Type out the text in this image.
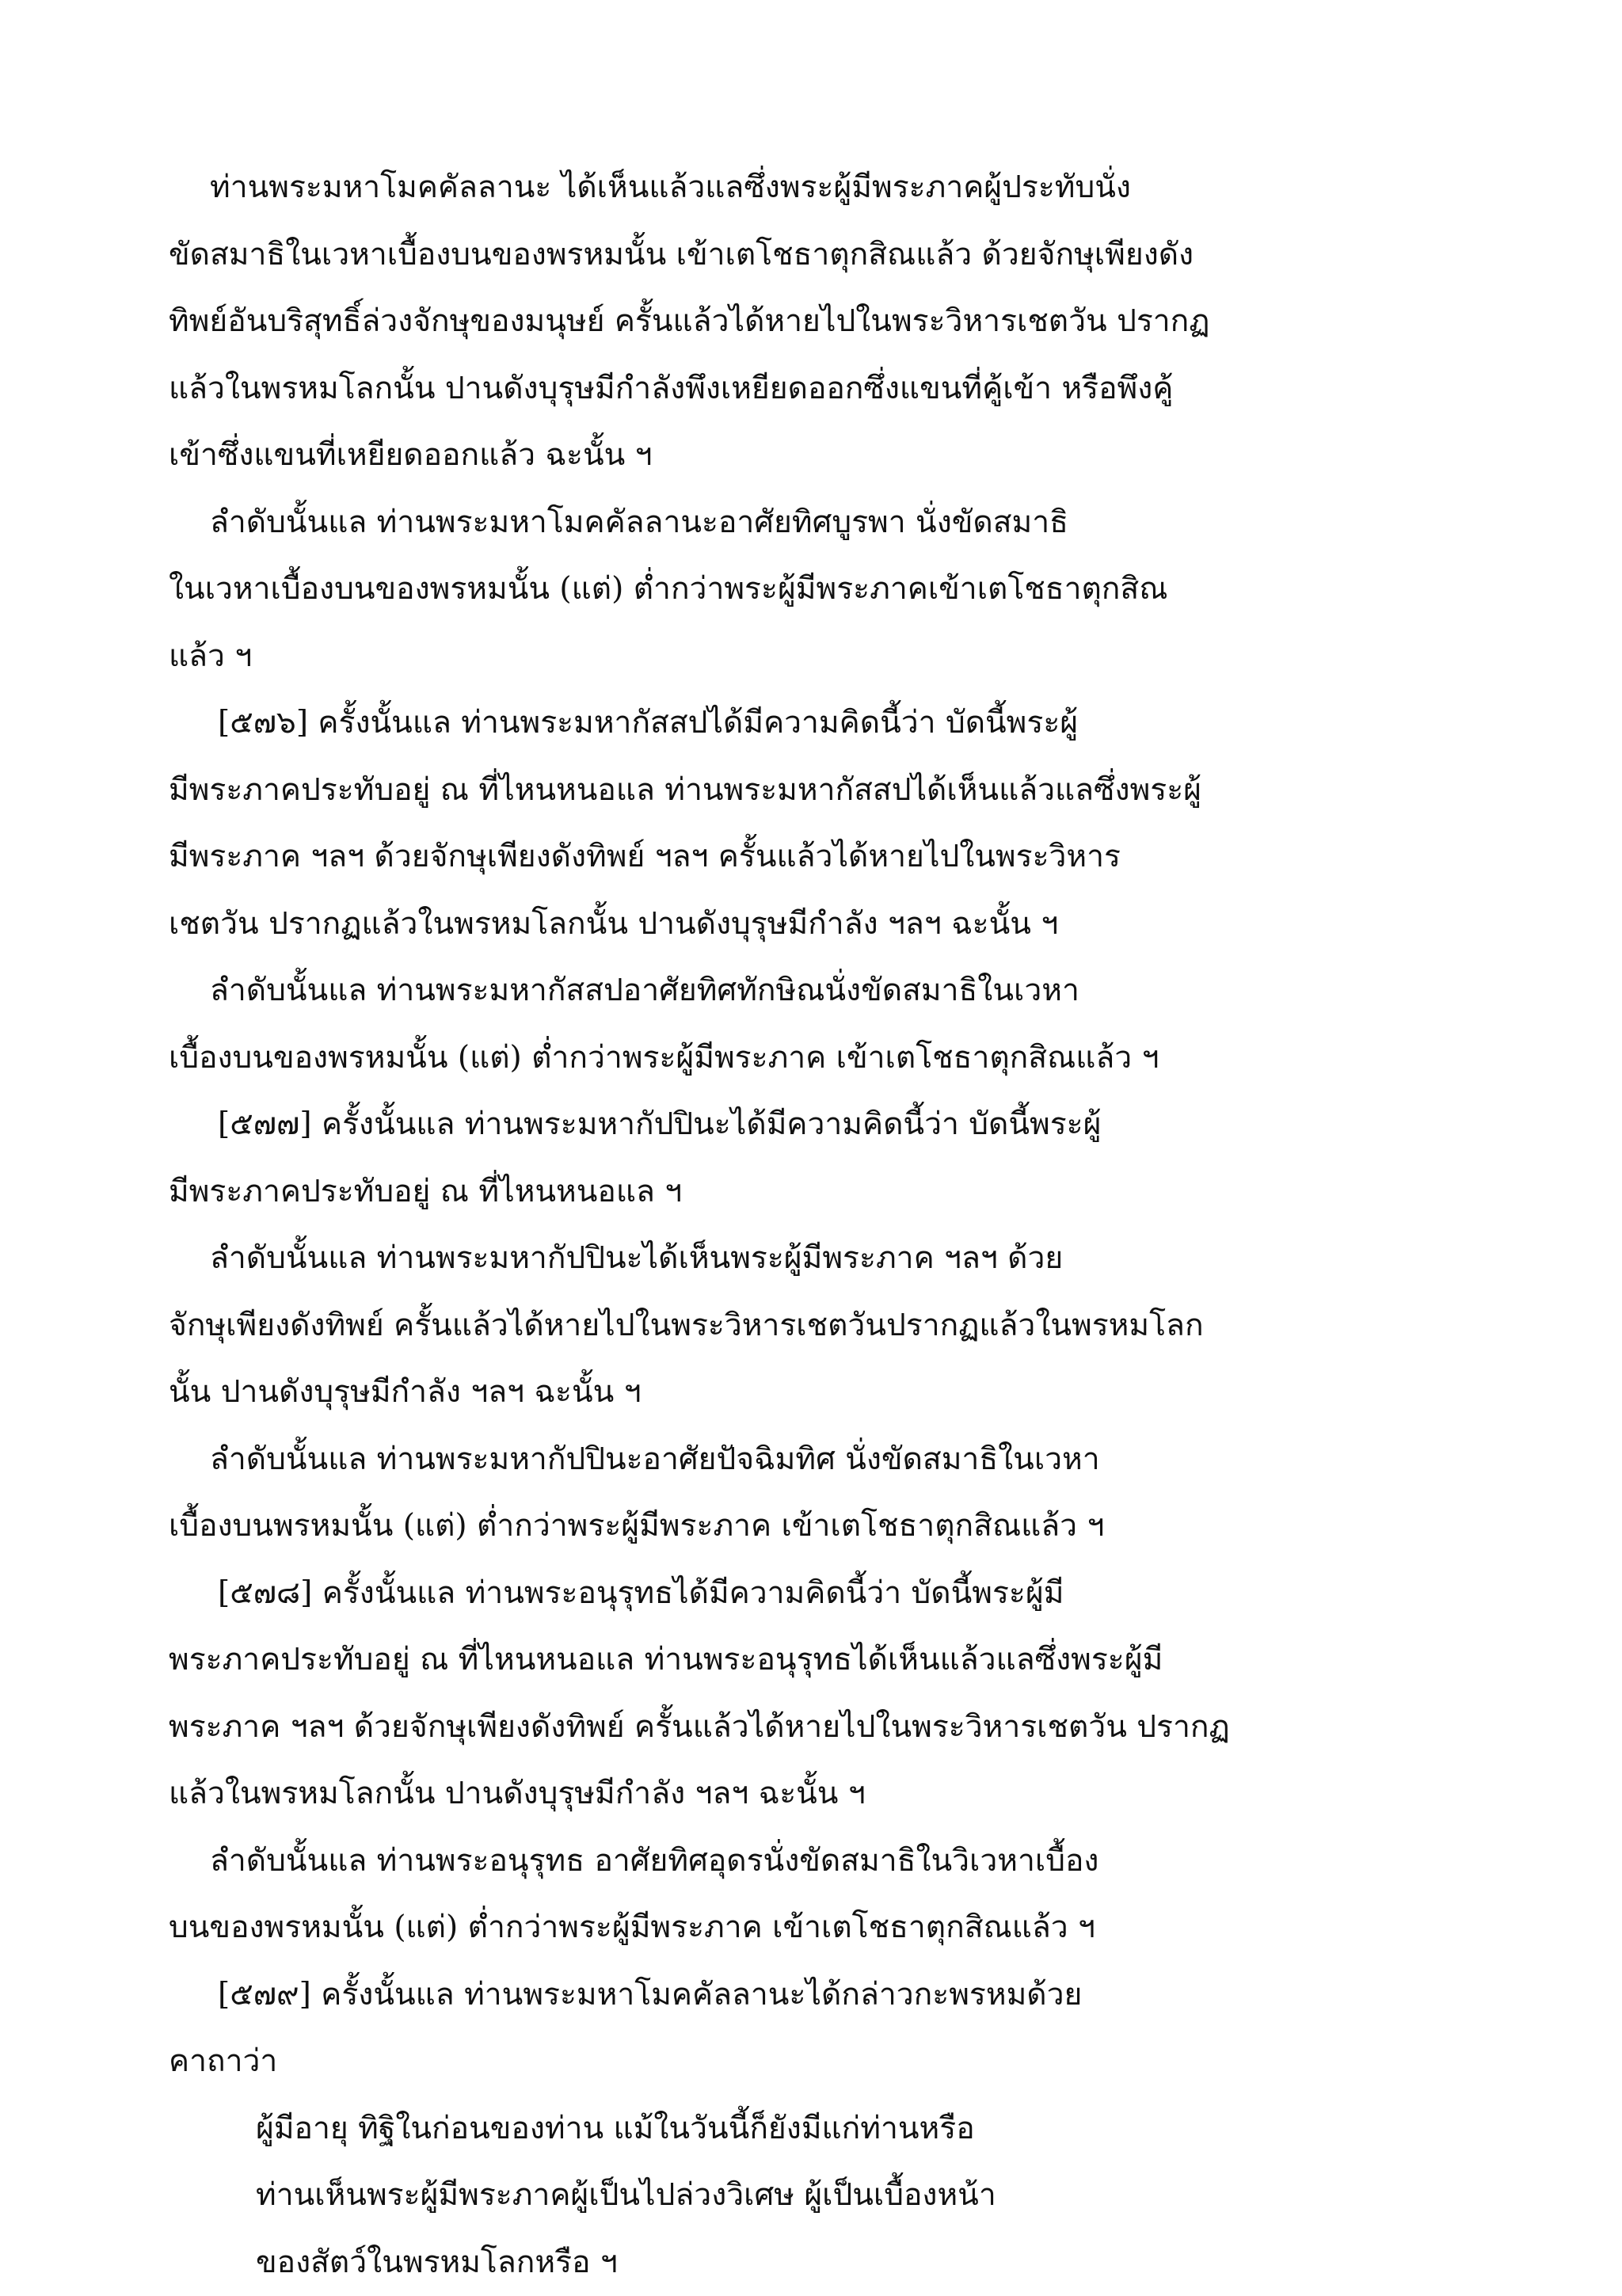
ท่านพระมหาโมคคัลลานะ ได้เห็นแล้วแลซึ่งพระผู้มีพระภาคผู้ประทับนั่ง
ขัดสมาธิในเวหาเบื้องบนของพรหมนั้น เข้าเตโชธาตุกสิณแล้ว ด้วยจักษุเพียงดัง
ทิพย์อันบริสุทธิ์ล่วงจักษุของมนุษย์ ครั้นแล้วได้หายไปในพระวิหารเชตวัน ปรากฏ
แล้วในพรหมโลกนั้น ปานดังบุรุษมีกำลังพึงเหยียดออกซึ่งแขนที่คู้เข้า หรือพึงคู้
เข้าซึ่งแขนที่เหยียดออกแล้ว ฉะนั้น ฯ
ลำดับนั้นแล ท่านพระมหาโมคคัลลานะอาศัยทิศบูรพา นั่งขัดสมาธิ
ในเวหาเบื้องบนของพรหมนั้น (แต่) ต่ำกว่าพระผู้มีพระภาคเข้าเตโชธาตุกสิณ
แล้ว ฯ
[๕๗๖] ครั้งนั้นแล ท่านพระมหากัสสปได้มีความคิดนี้ว่า บัดนี้พระผู้
มีพระภาคประทับอยู่ ณ ที่ไหนหนอแล ท่านพระมหากัสสปได้เห็นแล้วแลซึ่งพระผู้
มีพระภาค ฯลฯ ด้วยจักษุเพียงดังทิพย์ ฯลฯ ครั้นแล้วได้หายไปในพระวิหาร
เชตวัน ปรากฏแล้วในพรหมโลกนั้น ปานดังบุรุษมีกำลัง ฯลฯ ฉะนั้น ฯ
ลำดับนั้นแล ท่านพระมหากัสสปอาศัยทิศทักษิณนั่งขัดสมาธิในเวหา
เบื้องบนของพรหมนั้น (แต่) ต่ำกว่าพระผู้มีพระภาค เข้าเตโชธาตุกสิณแล้ว ฯ
[๕๗๗] ครั้งนั้นแล ท่านพระมหากัปปินะได้มีความคิดนี้ว่า บัดนี้พระผู้
มีพระภาคประทับอยู่ ณ ที่ไหนหนอแล ฯ
ลำดับนั้นแล ท่านพระมหากัปปินะได้เห็นพระผู้มีพระภาค ฯลฯ ด้วย
จักษุเพียงดังทิพย์ ครั้นแล้วได้หายไปในพระวิหารเชตวันปรากฏแล้วในพรหมโลก
นั้น ปานดังบุรุษมีกำลัง ฯลฯ ฉะนั้น ฯ
ลำดับนั้นแล ท่านพระมหากัปปินะอาศัยปัจฉิมทิศ นั่งขัดสมาธิในเวหา
เบื้องบนพรหมนั้น (แต่) ต่ำกว่าพระผู้มีพระภาค เข้าเตโชธาตุกสิณแล้ว ฯ
[๕๗๘] ครั้งนั้นแล ท่านพระอนุรุทธได้มีความคิดนี้ว่า บัดนี้พระผู้มี
พระภาคประทับอยู่ ณ ที่ไหนหนอแล ท่านพระอนุรุทธได้เห็นแล้วแลซึ่งพระผู้มี
พระภาค ฯลฯ ด้วยจักษุเพียงดังทิพย์ ครั้นแล้วได้หายไปในพระวิหารเชตวัน ปรากฏ
แล้วในพรหมโลกนั้น ปานดังบุรุษมีกำลัง ฯลฯ ฉะนั้น ฯ
ลำดับนั้นแล ท่านพระอนุรุทธ อาศัยทิศอุดรนั่งขัดสมาธิในวิเวหาเบื้อง
บนของพรหมนั้น (แต่) ต่ำกว่าพระผู้มีพระภาค เข้าเตโชธาตุกสิณแล้ว ฯ
[๕๗๙] ครั้งนั้นแล ท่านพระมหาโมคคัลลานะได้กล่าวกะพรหมด้วย
คาถาว่า
ผู้มีอายุ ทิฐิในก่อนของท่าน แม้ในวันนี้ก็ยังมีแก่ท่านหรือ
ท่านเห็นพระผู้มีพระภาคผู้เป็นไปล่วงวิเศษ ผู้เป็นเบื้องหน้า
ของสัตว์ในพรหมโลกหรือ ฯ
